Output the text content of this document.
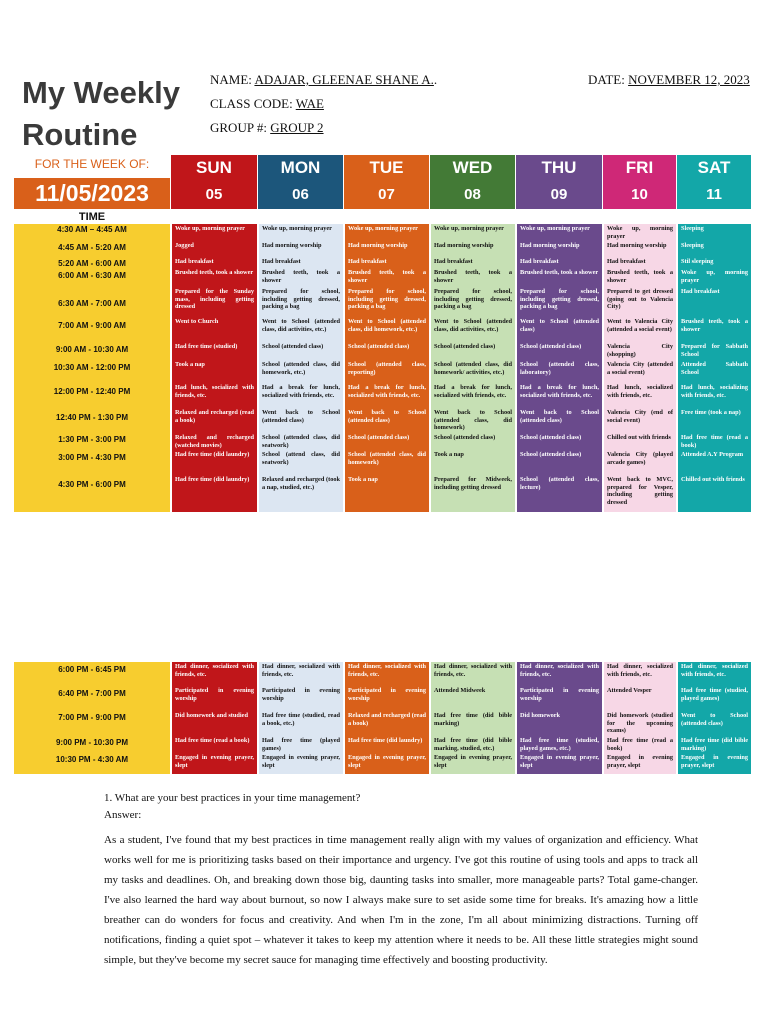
My Weekly Routine
NAME: ADAJAR, GLEENAE SHANE A..	DATE: NOVEMBER 12, 2023
CLASS CODE: WAE
GROUP #: GROUP 2
FOR THE WEEK OF:
11/05/2023
TIME
SUN
05
MON
06
TUE
07
WED
08
THU
09
FRI
10
SAT
11
1. What are your best practices in your time management?
Answer:
As a student, I've found that my best practices in time management really align with my values of organization and efficiency. What works well for me is prioritizing tasks based on their importance and urgency. I've got this routine of using tools and apps to track all my tasks and deadlines. Oh, and breaking down those big, daunting tasks into smaller, more manageable parts? Total game-changer. I've also learned the hard way about burnout, so now I always make sure to set aside some time for breaks. It's amazing how a little breather can do wonders for focus and creativity. And when I'm in the zone, I'm all about minimizing distractions. Turning off notifications, finding a quiet spot – whatever it takes to keep my attention where it needs to be. All these little strategies might sound simple, but they've become my secret sauce for managing time effectively and boosting productivity.
4:30 AM – 4:45 AM
4:45 AM - 5:20 AM
5:20 AM - 6:00 AM
6:00 AM - 6:30 AM
6:30 AM - 7:00 AM
7:00 AM - 9:00 AM
9:00 AM - 10:30 AM
10:30 AM - 12:00 PM
12:00 PM - 12:40 PM
12:40 PM - 1:30 PM
1:30 PM - 3:00 PM
3:00 PM - 4:30 PM
4:30 PM - 6:00 PM
Woke up, morning prayer
Jogged
Had breakfast
Brushed teeth, took a shower
Prepared for the Sunday mass, including getting dressed
Went to Church
Had free time (studied)
Took a nap
Had lunch, socialized with friends, etc.
Relaxed and recharged (read a book)
Relaxed and recharged (watched movies)
Had free time (did laundry)
Had free time (did laundry)
Woke up, morning prayer
Had morning worship
Had breakfast
Brushed teeth, took a shower
Prepared for school, including getting dressed, packing a bag
Went to School (attended class, did activities, etc.)
School (attended class)
School (attended class, did homework, etc.)
Had a break for lunch, socialized with friends, etc.
Went back to School (attended class)
School (attended class, did seatwork)
School (attend class, did seatwork)
Relaxed and recharged (took a nap, studied, etc.)
Woke up, morning prayer
Had morning worship
Had breakfast
Brushed teeth, took a shower
Prepared for school, including getting dressed, packing a bag
Went to School (attended class, did homework, etc.)
School (attended class)
School (attended class, reporting)
Had a break for lunch, socialized with friends, etc.
Went back to School (attended class)
School (attended class)
School (attended class, did homework)
Took a nap
Woke up, morning prayer
Had morning worship
Had breakfast
Brushed teeth, took a shower
Prepared for school, including getting dressed, packing a bag
Went to School (attended class, did activities, etc.)
School (attended class)
School (attended class, did homework/ activities, etc.)
Had a break for lunch, socialized with friends, etc.
Went back to School (attended class, did homework)
School (attended class)
Took a nap
Prepared for Midweek, including getting dressed
Woke up, morning prayer
Had morning worship
Had breakfast
Brushed teeth, took a shower
Prepared for school, including getting dressed, packing a bag
Went to School (attended class)
School (attended class)
School (attended class, laboratory)
Had a break for lunch, socialized with friends, etc.
Went back to School (attended class)
School (attended class)
School (attended class)
School (attended class, lecture)
Woke up, morning prayer
Had morning worship
Had breakfast
Brushed teeth, took a shower
Prepared to get dressed (going out to Valencia City)
Went to Valencia City (attended a social event)
Valencia City (shopping)
Valencia City (attended a social event)
Had lunch, socialized with friends, etc.
Valencia City (end of social event)
Chilled out with friends
Valencia City (played arcade games)
Went back to MVC, prepared for Vesper, including getting dressed
Sleeping
Sleeping
Stil sleeping
Woke up, morning prayer
Had breakfast
Brushed teeth, took a shower
Prepared for Sabbath School
Attended Sabbath School
Had lunch, socializing with friends, etc.
Free time (took a nap)
Had free time (read a book)
Attended A.Y Program
Chilled out with friends
6:00 PM - 6:45 PM
6:40 PM - 7:00 PM
7:00 PM - 9:00 PM
9:00 PM - 10:30 PM
10:30 PM - 4:30 AM
Had dinner, socialized with friends, etc.
Participated in evening worship
Did homework and studied
Had free time (read a book)
Engaged in evening prayer, slept
Had dinner, socialized with friends, etc.
Participated in evening worship
Had free time (studied, read a book, etc.)
Had free time (played games)
Engaged in evening prayer, slept
Had dinner, socialized with friends, etc.
Participated in evening worship
Relaxed and recharged (read a book)
Had free time (did laundry)
Engaged in evening prayer, slept
Had dinner, socialized with friends, etc.
Attended Midweek
Had free time (did bible marking)
Had free time (did bible marking, studied, etc.)
Engaged in evening prayer, slept
Had dinner, socialized with friends, etc.
Participated in evening worship
Did homework
Had free time (studied, played games, etc.)
Engaged in evening prayer, slept
Had dinner, socialized with friends, etc.
Attended Vesper
Did homework (studied for the upcoming exams)
Had free time (read a book)
Engaged in evening prayer, slept
Had dinner, socialized with friends, etc.
Had free time (studied, played games)
Went to School (attended class)
Had free time (did bible marking)
Engaged in evening prayer, slept
